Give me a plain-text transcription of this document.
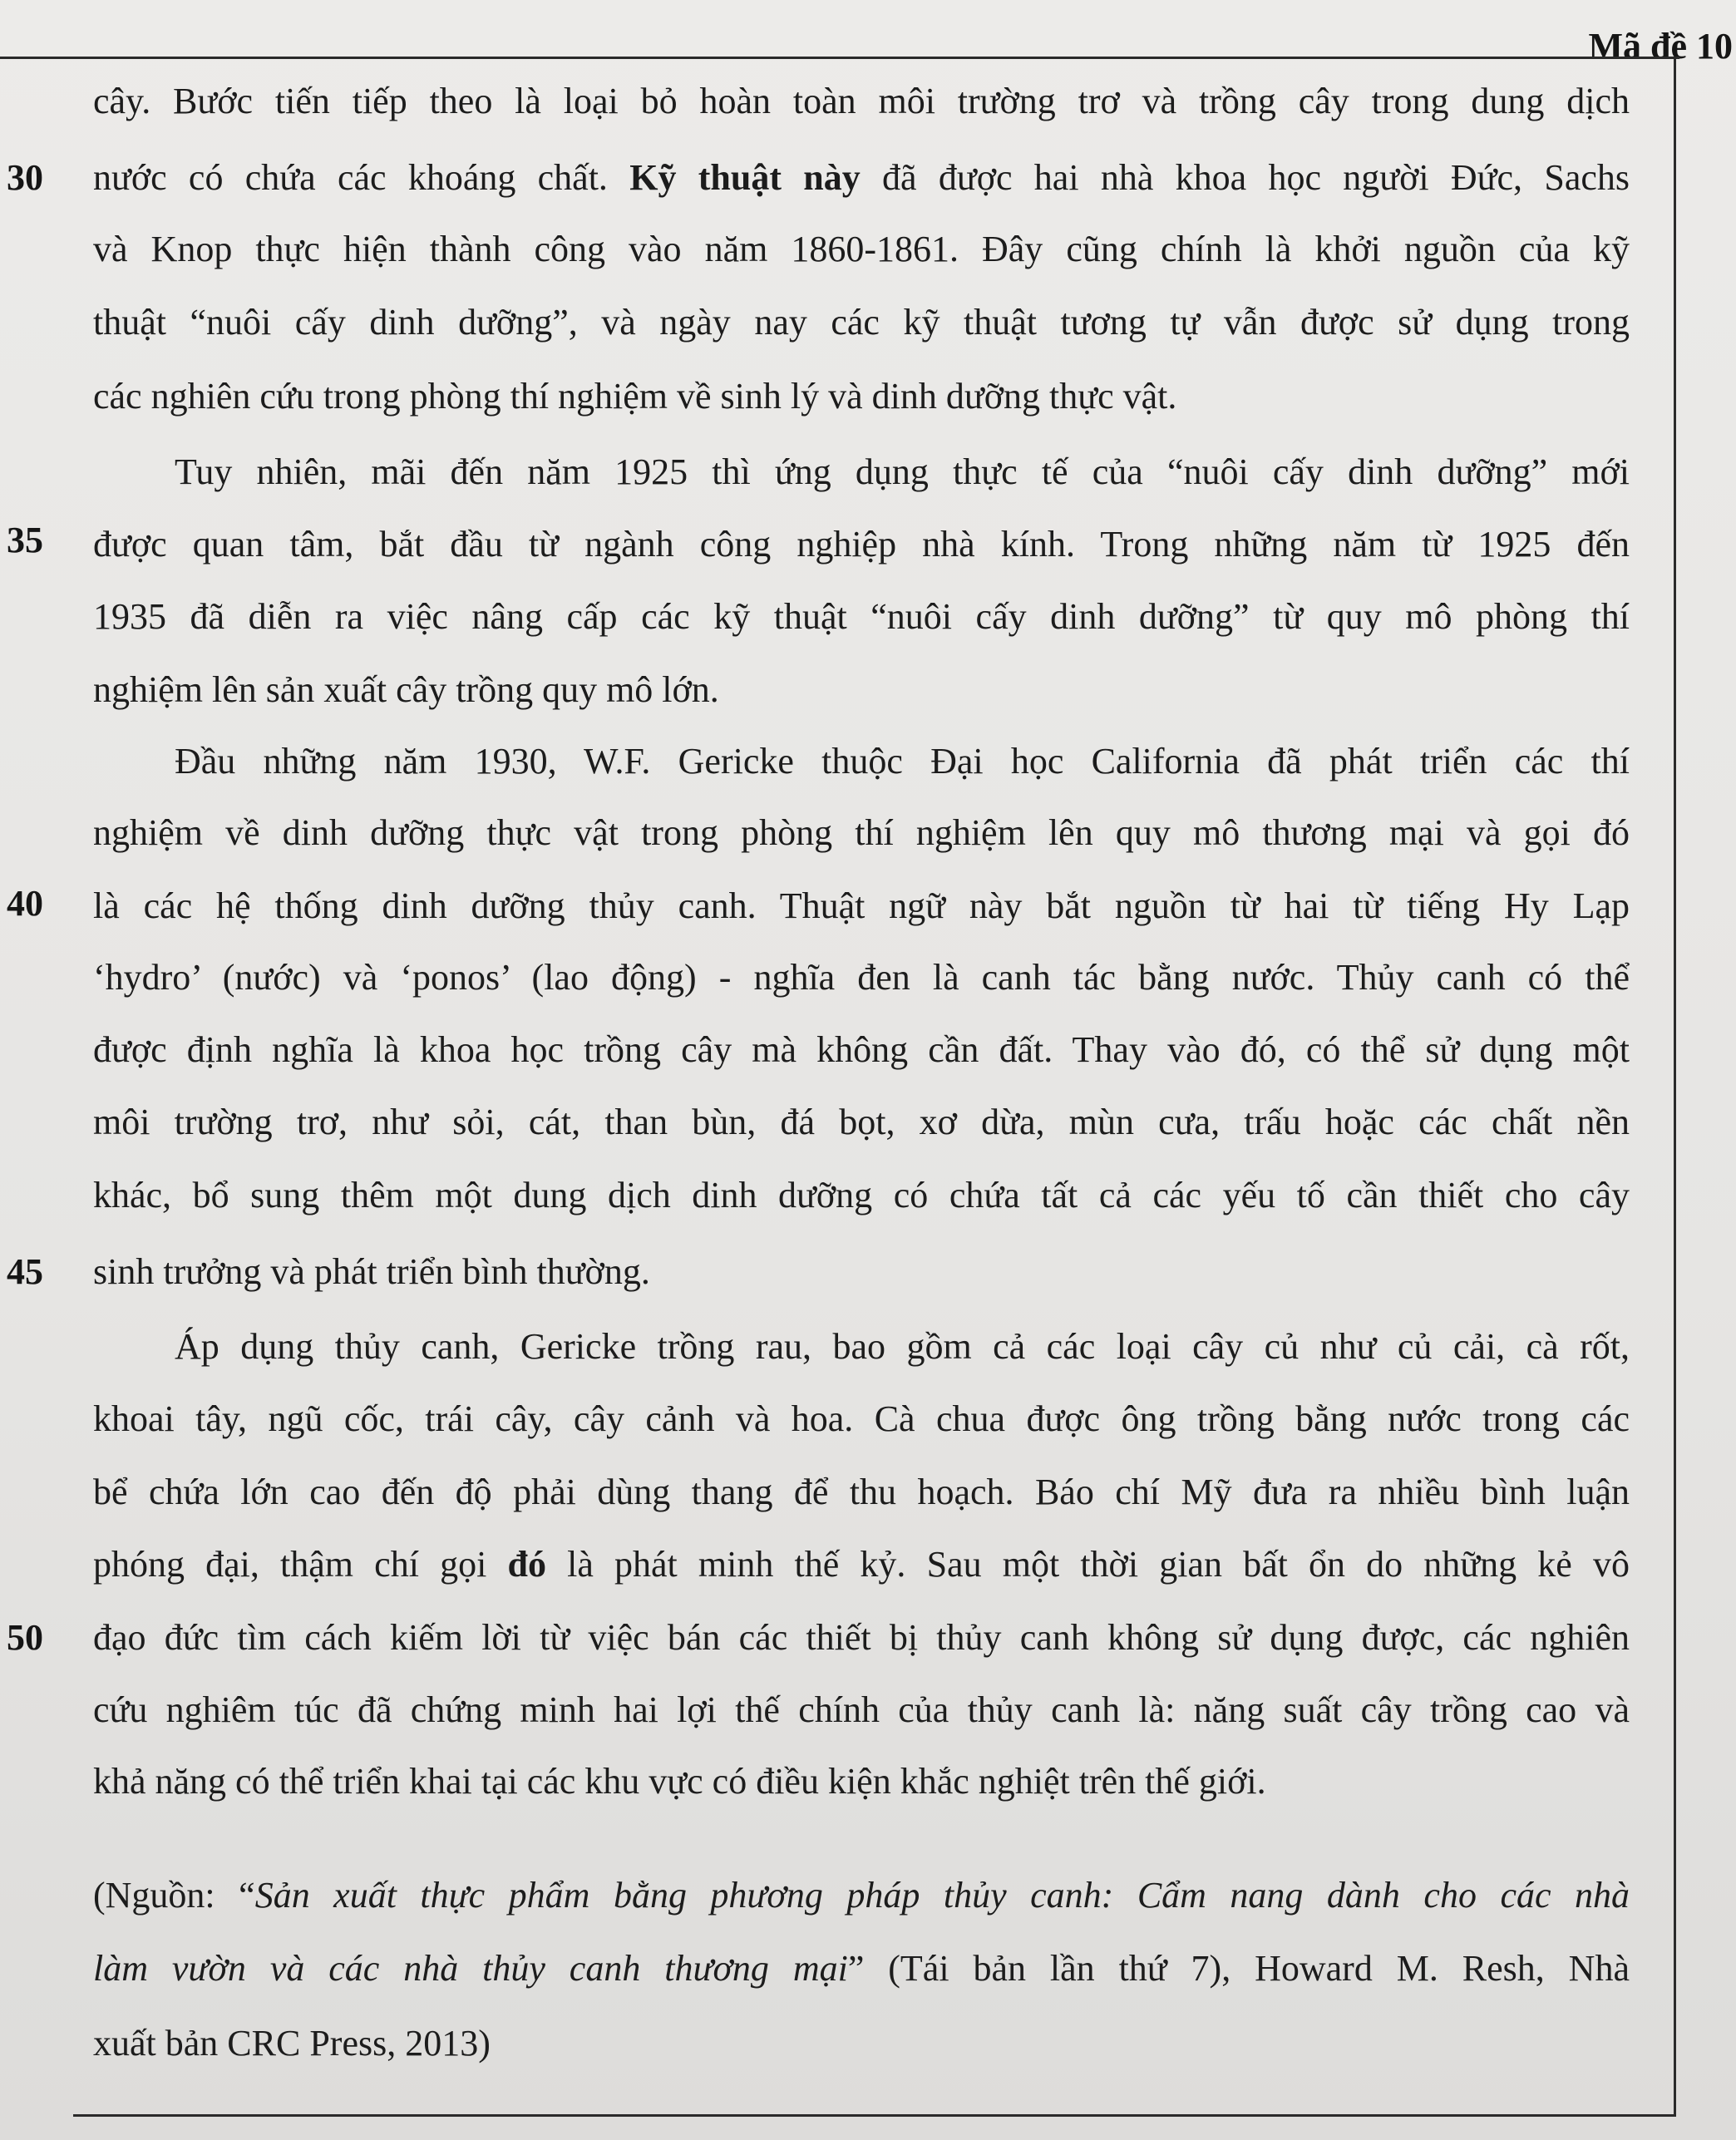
Mã đề 10
30
35
40
45
50
cây. Bước tiến tiếp theo là loại bỏ hoàn toàn môi trường trơ và trồng cây trong dung dịch
nước có chứa các khoáng chất. Kỹ thuật này đã được hai nhà khoa học người Đức, Sachs
và Knop thực hiện thành công vào năm 1860-1861. Đây cũng chính là khởi nguồn của kỹ
thuật “nuôi cấy dinh dưỡng”, và ngày nay các kỹ thuật tương tự vẫn được sử dụng trong
các nghiên cứu trong phòng thí nghiệm về sinh lý và dinh dưỡng thực vật.
Tuy nhiên, mãi đến năm 1925 thì ứng dụng thực tế của “nuôi cấy dinh dưỡng” mới
được quan tâm, bắt đầu từ ngành công nghiệp nhà kính. Trong những năm từ 1925 đến
1935 đã diễn ra việc nâng cấp các kỹ thuật “nuôi cấy dinh dưỡng” từ quy mô phòng thí
nghiệm lên sản xuất cây trồng quy mô lớn.
Đầu những năm 1930, W.F. Gericke thuộc Đại học California đã phát triển các thí
nghiệm về dinh dưỡng thực vật trong phòng thí nghiệm lên quy mô thương mại và gọi đó
là các hệ thống dinh dưỡng thủy canh. Thuật ngữ này bắt nguồn từ hai từ tiếng Hy Lạp
‘hydro’ (nước) và ‘ponos’ (lao động) - nghĩa đen là canh tác bằng nước. Thủy canh có thể
được định nghĩa là khoa học trồng cây mà không cần đất. Thay vào đó, có thể sử dụng một
môi trường trơ, như sỏi, cát, than bùn, đá bọt, xơ dừa, mùn cưa, trấu hoặc các chất nền
khác, bổ sung thêm một dung dịch dinh dưỡng có chứa tất cả các yếu tố cần thiết cho cây
sinh trưởng và phát triển bình thường.
Áp dụng thủy canh, Gericke trồng rau, bao gồm cả các loại cây củ như củ cải, cà rốt,
khoai tây, ngũ cốc, trái cây, cây cảnh và hoa. Cà chua được ông trồng bằng nước trong các
bể chứa lớn cao đến độ phải dùng thang để thu hoạch. Báo chí Mỹ đưa ra nhiều bình luận
phóng đại, thậm chí gọi đó là phát minh thế kỷ. Sau một thời gian bất ổn do những kẻ vô
đạo đức tìm cách kiếm lời từ việc bán các thiết bị thủy canh không sử dụng được, các nghiên
cứu nghiêm túc đã chứng minh hai lợi thế chính của thủy canh là: năng suất cây trồng cao và
khả năng có thể triển khai tại các khu vực có điều kiện khắc nghiệt trên thế giới.
(Nguồn: “Sản xuất thực phẩm bằng phương pháp thủy canh: Cẩm nang dành cho các nhà
làm vườn và các nhà thủy canh thương mại” (Tái bản lần thứ 7), Howard M. Resh, Nhà
xuất bản CRC Press, 2013)
